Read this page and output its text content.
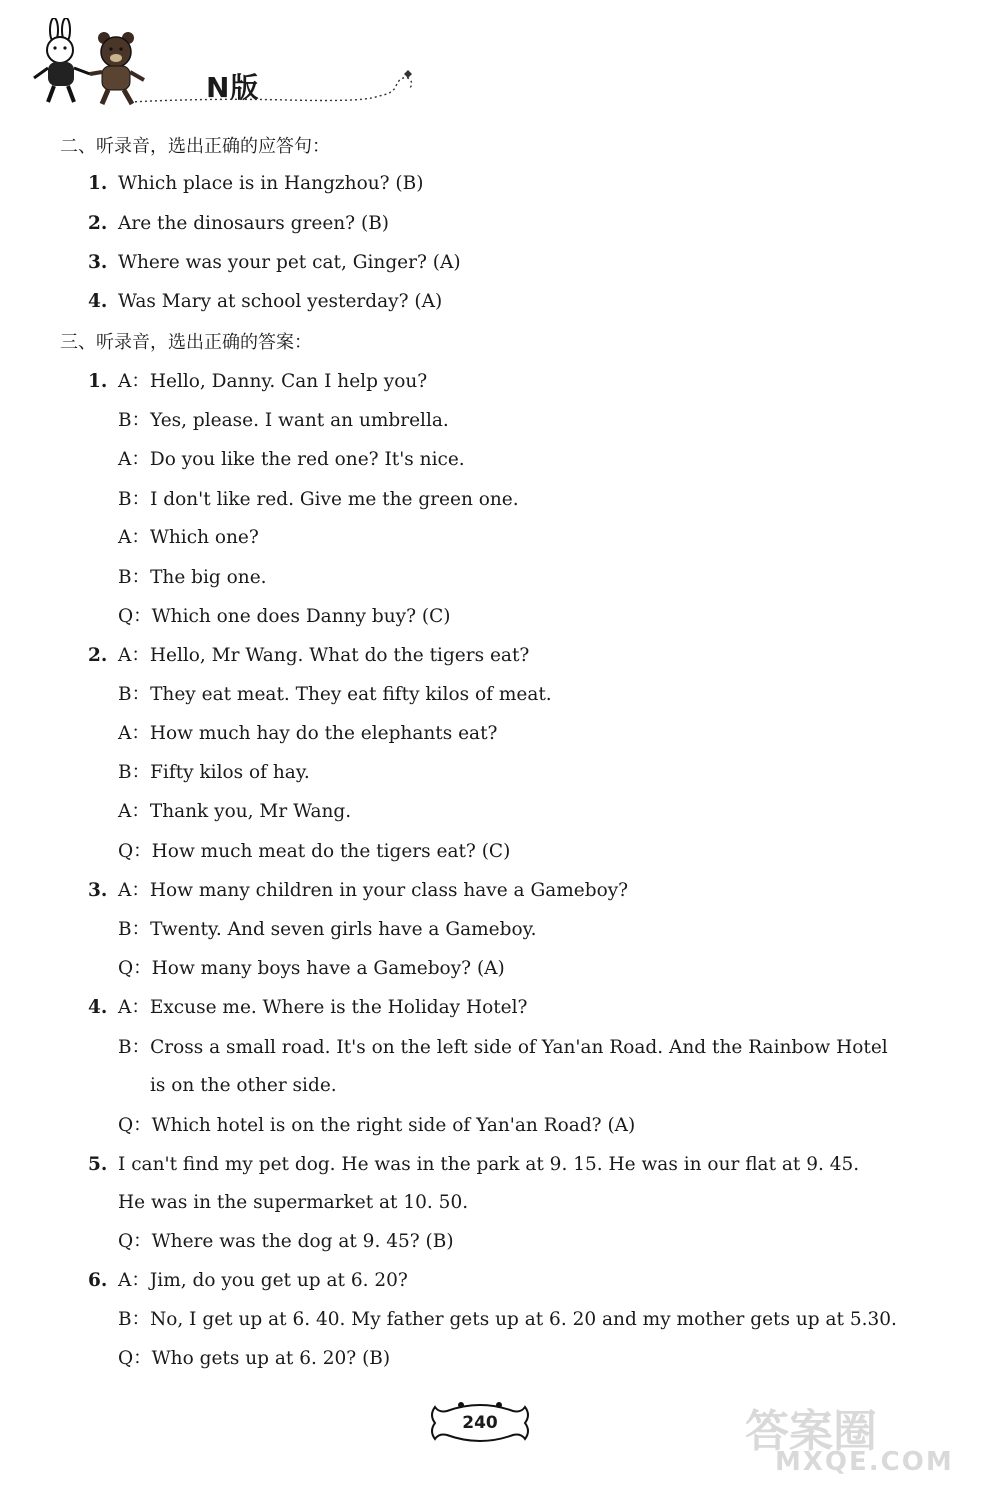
N版
二、听录音，选出正确的应答句：
1. Which place is in Hangzhou? (B)
2. Are the dinosaurs green? (B)
3. Where was your pet cat, Ginger? (A)
4. Was Mary at school yesterday? (A)
三、听录音，选出正确的答案：
1. A：Hello, Danny. Can I help you?
B：Yes, please. I want an umbrella.
A：Do you like the red one? It's nice.
B：I don't like red. Give me the green one.
A：Which one?
B：The big one.
Q：Which one does Danny buy? (C)
2. A：Hello, Mr Wang. What do the tigers eat?
B：They eat meat. They eat fifty kilos of meat.
A：How much hay do the elephants eat?
B：Fifty kilos of hay.
A：Thank you, Mr Wang.
Q：How much meat do the tigers eat? (C)
3. A：How many children in your class have a Gameboy?
B：Twenty. And seven girls have a Gameboy.
Q：How many boys have a Gameboy? (A)
4. A：Excuse me. Where is the Holiday Hotel?
B：Cross a small road. It's on the left side of Yan'an Road. And the Rainbow Hotel
is on the other side.
Q：Which hotel is on the right side of Yan'an Road? (A)
5. I can't find my pet dog. He was in the park at 9. 15. He was in our flat at 9. 45.
He was in the supermarket at 10. 50.
Q：Where was the dog at 9. 45? (B)
6. A：Jim, do you get up at 6. 20?
B：No, I get up at 6. 40. My father gets up at 6. 20 and my mother gets up at 5.30.
Q：Who gets up at 6. 20? (B)
240	答案圈
MXQE.COM
